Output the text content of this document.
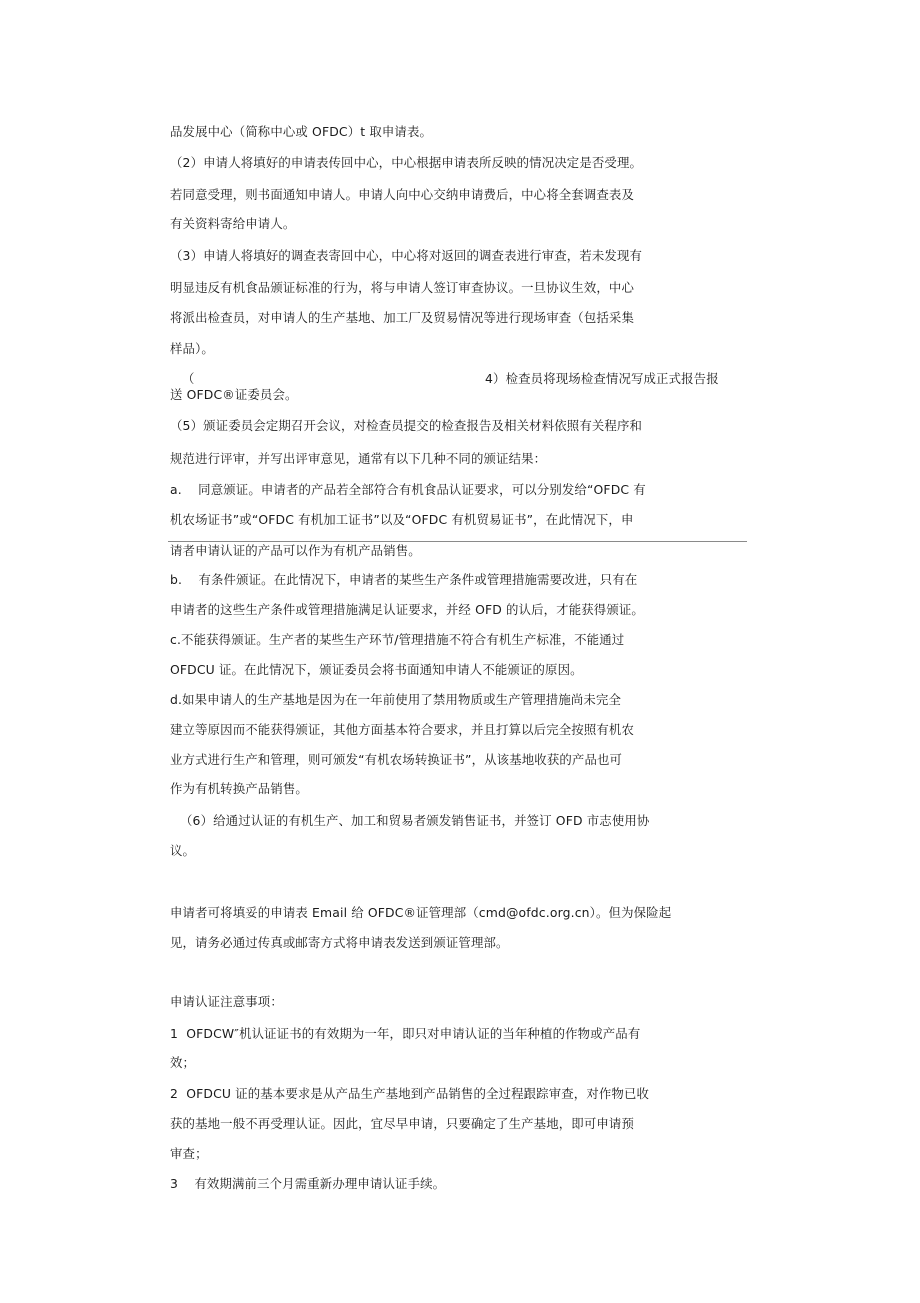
品发展中心（简称中心或 OFDC）t 取申请表。
（2）申请人将填好的申请表传回中心，中心根据申请表所反映的情况决定是否受理。
若同意受理，则书面通知申请人。申请人向中心交纳申请费后，中心将全套调查表及
有关资料寄给申请人。
（3）申请人将填好的调查表寄回中心，中心将对返回的调查表进行审查，若未发现有
明显违反有机食品颁证标准的行为，将与申请人签订审查协议。一旦协议生效，中心
将派出检查员，对申请人的生产基地、加工厂及贸易情况等进行现场审查（包括采集
样品）。
（	4）检查员将现场检查情况写成正式报告报
送 OFDC®证委员会。
（5）颁证委员会定期召开会议，对检查员提交的检查报告及相关材料依照有关程序和
规范进行评审，并写出评审意见，通常有以下几种不同的颁证结果：
a.    同意颁证。申请者的产品若全部符合有机食品认证要求，可以分别发给“OFDC 有
机农场证书”或“OFDC 有机加工证书”以及“OFDC 有机贸易证书”，在此情况下，申
请者申请认证的产品可以作为有机产品销售。
b.    有条件颁证。在此情况下，申请者的某些生产条件或管理措施需要改进，只有在
申请者的这些生产条件或管理措施满足认证要求，并经 OFD 的认后，才能获得颁证。
c.不能获得颁证。生产者的某些生产环节/管理措施不符合有机生产标准，不能通过
OFDCU 证。在此情况下，颁证委员会将书面通知申请人不能颁证的原因。
d.如果申请人的生产基地是因为在一年前使用了禁用物质或生产管理措施尚未完全
建立等原因而不能获得颁证，其他方面基本符合要求，并且打算以后完全按照有机农
业方式进行生产和管理，则可颁发“有机农场转换证书”，从该基地收获的产品也可
作为有机转换产品销售。
（6）给通过认证的有机生产、加工和贸易者颁发销售证书，并签订 OFD 市志使用协
议。
申请者可将填妥的申请表 Email 给 OFDC®证管理部（cmd@ofdc.org.cn）。但为保险起
见，请务必通过传真或邮寄方式将申请表发送到颁证管理部。
申请认证注意事项：
1  OFDCW″机认证证书的有效期为一年，即只对申请认证的当年种植的作物或产品有
效；
2  OFDCU 证的基本要求是从产品生产基地到产品销售的全过程跟踪审查，对作物已收
获的基地一般不再受理认证。因此，宜尽早申请，只要确定了生产基地，即可申请预
审查；
3    有效期满前三个月需重新办理申请认证手续。
